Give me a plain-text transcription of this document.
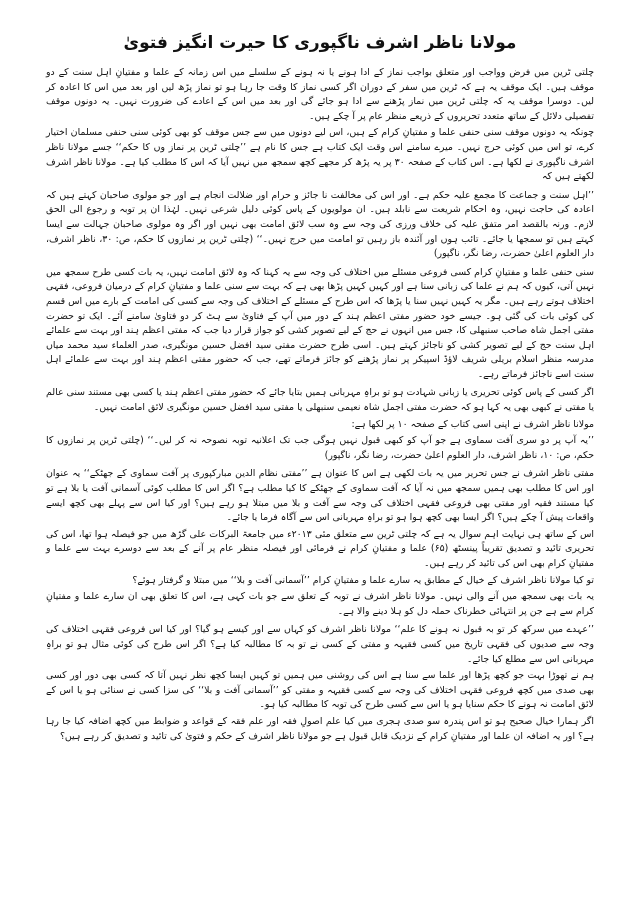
مولانا ناظر اشرف ناگپوری کا حیرت انگیز فتویٰ

چلتی ٹرین میں فرض وواجب اور متعلق بواجب نماز کے ادا ہونے یا نہ ہونے کے سلسلے میں اس زمانہ کے علما و مفتیانِ اہل سنت کے دو موقف ہیں۔ ایک موقف یہ ہے کہ ٹرین میں سفر کے دوران اگر کسی نماز کا وقت جا رہا ہو تو نماز پڑھ لیں اور بعد میں اس کا اعادہ کر لیں۔ دوسرا موقف یہ کہ چلتی ٹرین میں نماز پڑھنے سے ادا ہو جائے گی اور بعد میں اس کے اعادے کی ضرورت نہیں۔ یہ دونوں موقف تفصیلی دلائل کے ساتھ متعدد تحریروں کے ذریعے منظر عام پر آ چکے ہیں۔

چونکہ یہ دونوں موقف سنی حنفی علما و مفتیانِ کرام کے ہیں، اس لیے دونوں میں سے جس موقف کو بھی کوئی سنی حنفی مسلمان اختیار کرے، تو اس میں کوئی حرج نہیں۔ میرے سامنے اس وقت ایک کتاب ہے جس کا نام ہے ’’چلتی ٹرین پر نماز وں کا حکم‘‘ جسے مولانا ناظر اشرف ناگپوری نے لکھا ہے۔ اس کتاب کے صفحہ ۳۰ پر یہ پڑھ کر مجھے کچھ سمجھ میں نہیں آیا کہ اس کا مطلب کیا ہے۔ مولانا ناظر اشرف لکھتے ہیں کہ

’’اہل سنت و جماعت کا مجمع علیہ حکم ہے۔ اور اس کی مخالفت نا جائز و حرام اور ضلالت انجام ہے اور جو مولوی صاحبان کہتے ہیں کہ اعادہ کی حاجت نہیں، وہ احکام شریعت سے نابلد ہیں۔ ان مولویوں کے پاس کوئی دلیل شرعی نہیں۔ لہٰذا ان پر توبہ و رجوع الی الحق لازم۔ ورنہ بالقصد امر متفق علیہ کی خلاف ورزی کی وجہ سے وہ سب لائق امامت بھی نہیں اور اگر وہ مولوی صاحبان جہالت سے ایسا کہتے ہیں تو سمجھا یا جائے۔ تائب ہوں اور آئندہ باز رہیں تو امامت میں حرج نہیں۔‘‘ (چلتی ٹرین پر نمازوں کا حکم، ص: ۳۰، ناظر اشرف، دار العلوم اعلیٰ حضرت، رضا نگر، ناگپور)

سنی حنفی علما و مفتیانِ کرام کسی فروعی مسئلے میں اختلاف کی وجہ سے یہ کہنا کہ وہ لائق امامت نہیں، یہ بات کسی طرح سمجھ میں نہیں آتی، کیوں کہ ہم نے علما کی زبانی سنا ہے اور کہیں کہیں پڑھا بھی ہے کہ بہت سے سنی علما و مفتیانِ کرام کے درمیان فروعی، فقہی اختلاف ہوتے رہے ہیں۔ مگر یہ کہیں نہیں سنا یا پڑھا کہ اس طرح کے مسئلے کے اختلاف کی وجہ سے کسی کی امامت کے بارے میں اس قسم کی کوئی بات کی گئی ہو۔ جیسے خود حضور مفتی اعظم ہند کے دور میں آپ کے فتاویٰ سے ہٹ کر دو فتاویٰ سامنے آئے۔ ایک تو حضرت مفتی اجمل شاہ صاحب سنبھلی کا، جس میں انہوں نے حج کے لیے تصویر کشی کو جواز قرار دیا جب کہ مفتی اعظم ہند اور بہت سے علمائے اہل سنت حج کے لیے تصویر کشی کو ناجائز کہتے ہیں۔ اسی طرح حضرت مفتی سید افضل حسین مونگیری، صدر العلماء سید محمد میاں مدرسہ منظر اسلام بریلی شریف لاؤڈ اسپیکر پر نماز پڑھنے کو جائز فرماتے تھے، جب کہ حضور مفتی اعظم ہند اور بہت سے علمائے اہل سنت اسے ناجائز فرماتے رہے۔

اگر کسی کے پاس کوئی تحریری یا زبانی شہادت ہو تو براہِ مہربانی ہمیں بتایا جائے کہ حضور مفتی اعظم ہند یا کسی بھی مستند سنی عالم یا مفتی نے کبھی بھی یہ کہا ہو کہ حضرت مفتی اجمل شاہ نعیمی سنبھلی یا مفتی سید افضل حسین مونگیری لائق امامت نہیں۔

مولانا ناظر اشرف نے اپنی اسی کتاب کے صفحہ ۱۰ پر لکھا ہے:

’’یہ آپ پر دو سری آفت سماوی ہے جو آپ کو کبھی قبول نہیں ہوگی جب تک اعلانیہ توبہ نصوحہ نہ کر لیں۔‘‘ (چلتی ٹرین پر نمازوں کا حکم، ص: ۱۰، ناظر اشرف، دار العلوم اعلیٰ حضرت، رضا نگر، ناگپور)

مفتی ناظر اشرف نے جس تحریر میں یہ بات لکھی ہے اس کا عنوان ہے ’’مفتی نظام الدین مبارکپوری پر آفت سماوی کے جھٹکے‘‘ یہ عنوان اور اس کا مطلب بھی ہمیں سمجھ میں نہ آیا کہ آفت سماوی کے جھٹکے کا کیا مطلب ہے؟ اگر اس کا مطلب کوئی آسمانی آفت یا بلا ہے تو کیا مستند فقیہ اور مفتی بھی فروعی فقہی اختلاف کی وجہ سے آفت و بلا میں مبتلا ہو رہے ہیں؟ اور کیا اس سے پہلے بھی کچھ ایسے واقعات پیش آ چکے ہیں؟ اگر ایسا بھی کچھ ہوا ہو تو براہِ مہربانی اس سے آگاہ فرما یا جائے۔

اس کے ساتھ ہی نہایت اہم سوال یہ ہے کہ چلتی ٹرین سے متعلق مئی ۲۰۱۳ء میں جامعۃ البرکات علی گڑھ میں جو فیصلہ ہوا تھا، اس کی تحریری تائید و تصدیق تقریباً پینسٹھ (۶۵) علما و مفتیانِ کرام نے فرمائی اور فیصلہ منظر عام پر آنے کے بعد سے دوسرے بہت سے علما و مفتیانِ کرام بھی اس کی تائید کر رہے ہیں۔

تو کیا مولانا ناظر اشرف کے خیال کے مطابق یہ سارے علما و مفتیانِ کرام ’’آسمانی آفت و بلا‘‘ میں مبتلا و گرفتار ہوئے؟

یہ بات بھی سمجھ میں آنے والی نہیں۔ مولانا ناظر اشرف نے توبہ کے تعلق سے جو بات کہی ہے، اس کا تعلق بھی ان سارے علما و مفتیانِ کرام سے ہے جن پر انتہائی خطرناک حملہ دل کو ہلا دینے والا ہے۔

’’عہدے میں سرکھ کر تو بہ قبول نہ ہونے کا علم‘‘ مولانا ناظر اشرف کو کہاں سے اور کیسے ہو گیا؟ اور کیا اس فروعی فقہی اختلاف کی وجہ سے صدیوں کی فقہی تاریخ میں کسی فقیہہ و مفتی کے کسی نے تو بہ کا مطالبہ کیا ہے؟ اگر اس طرح کی کوئی مثال ہو تو براہِ مہربانی اس سے مطلع کیا جائے۔

ہم نے تھوڑا بہت جو کچھ پڑھا اور علما سے سنا ہے اس کی روشنی میں ہمیں تو کہیں ایسا کچھ نظر نہیں آتا کہ کسی بھی دور اور کسی بھی صدی میں کچھ فروعی فقہی اختلاف کی وجہ سے کسی فقیہہ و مفتی کو ’’آسمانی آفت و بلا‘‘ کی سزا کسی نے سنائی ہو یا اس کے لائق امامت نہ ہونے کا حکم سنایا ہو یا اس سے کسی طرح کی توبہ کا مطالبہ کیا ہو۔

اگر ہمارا خیال صحیح ہو تو اس پندرہ سو صدی ہجری میں کیا علم اصولِ فقہ اور علم فقہ کے قواعد و ضوابط میں کچھ اضافہ کیا جا رہا ہے؟ اور یہ اضافہ ان علما اور مفتیانِ کرام کے نزدیک قابل قبول ہے جو مولانا ناظر اشرف کے حکم و فتویٰ کی تائید و تصدیق کر رہے ہیں؟
